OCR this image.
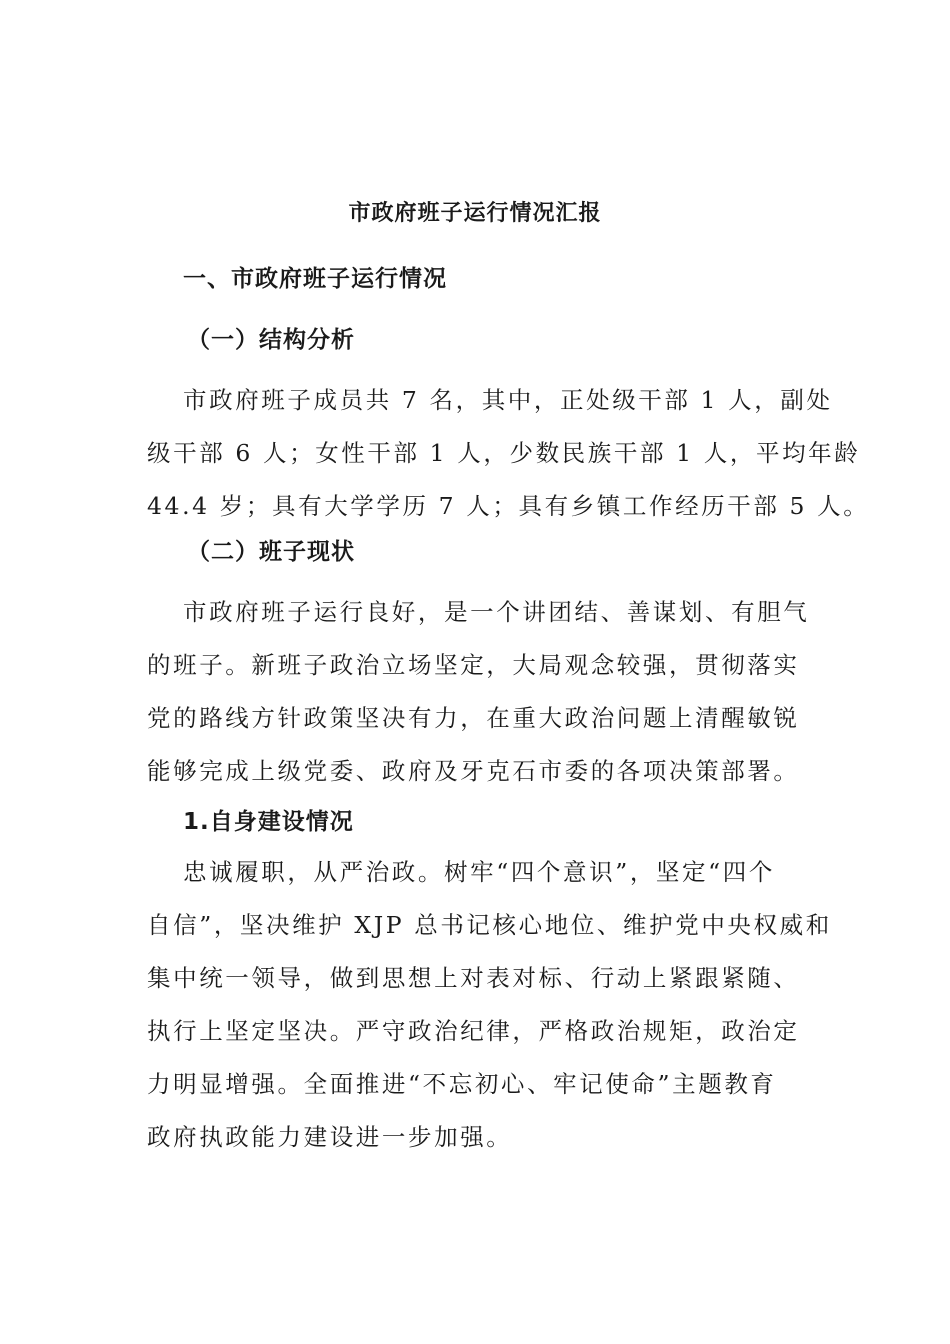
市政府班子运行情况汇报
一、市政府班子运行情况
（一）结构分析
市政府班子成员共 7 名，其中，正处级干部 1 人，副处
级干部 6 人；女性干部 1 人，少数民族干部 1 人，平均年龄
44.4 岁；具有大学学历 7 人；具有乡镇工作经历干部 5 人。
（二）班子现状
市政府班子运行良好，是一个讲团结、善谋划、有胆气
的班子。新班子政治立场坚定，大局观念较强，贯彻落实
党的路线方针政策坚决有力，在重大政治问题上清醒敏锐
能够完成上级党委、政府及牙克石市委的各项决策部署。
1.自身建设情况
忠诚履职，从严治政。树牢“四个意识”，坚定“四个
自信”，坚决维护 XJP 总书记核心地位、维护党中央权威和
集中统一领导，做到思想上对表对标、行动上紧跟紧随、
执行上坚定坚决。严守政治纪律，严格政治规矩，政治定
力明显增强。全面推进“不忘初心、牢记使命”主题教育
政府执政能力建设进一步加强。
